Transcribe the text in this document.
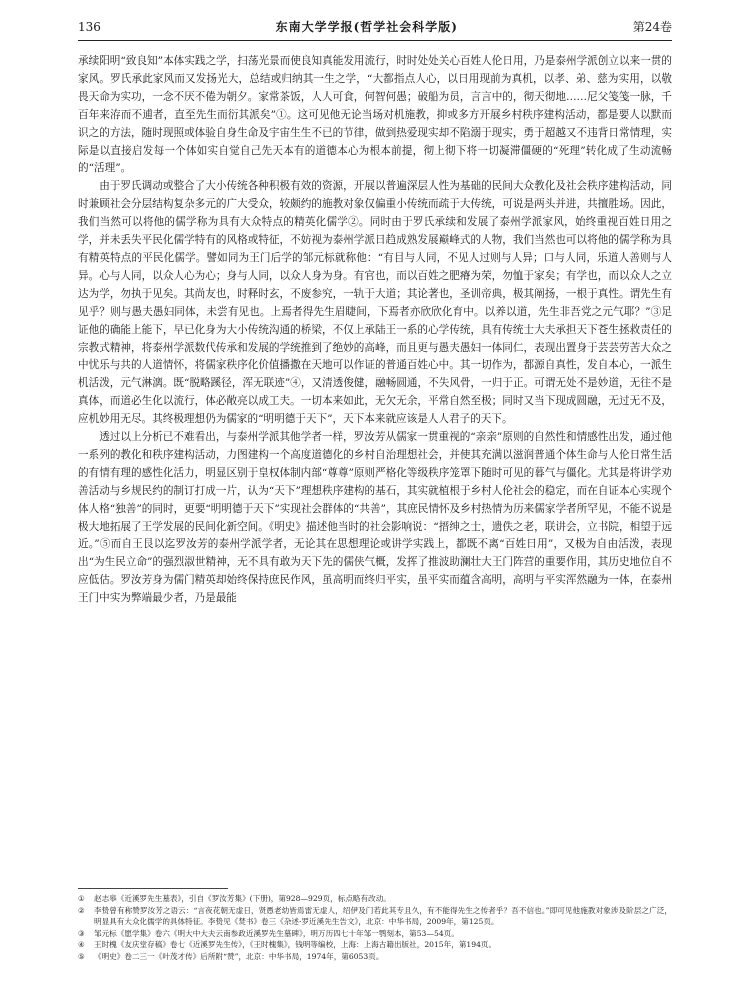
136	东南大学学报(哲学社会科学版)	第24卷

承续阳明“致良知”本体实践之学，扫荡光景而使良知真能发用流行，时时处处关心百姓人伦日用，乃是泰州学派创立以来一贯的家风。罗氏承此家风而又发扬光大，总结或归纳其一生之学，“大都指点人心，以日用现前为真机，以孝、弟、慈为实用，以敬畏天命为实功，一念不厌不倦为朝夕。家常茶饭，人人可食，何智何愚；破船为员，言言中的，彻天彻地……尼父笺笺一脉，千百年来洊而不逋者，直至先生而衍其派矣”①。这可见他无论当场对机施教，抑或多方开展乡村秩序建构活动，都是要人以默而识之的方法，随时现照或体验自身生命及宇宙生生不已的节律，做到热爱现实却不陷溺于现实，勇于超越又不违背日常情理，实际是以直接启发每一个体如实自觉自己先天本有的道德本心为根本前提，彻上彻下将一切凝滞僵硬的“死理”转化成了生动流畅的“活理”。

由于罗氏调动或整合了大小传统各种积极有效的资源，开展以普遍深层人性为基础的民间大众教化及社会秩序建构活动，同时兼顾社会分层结构复杂多元的广大受众，较颇约的施教对象仅偏重小传统而疏于大传统，可说是两头并进，共擅胜场。因此，我们当然可以将他的儒学称为具有大众特点的精英化儒学②。同时由于罗氏承续和发展了泰州学派家风，始终重视百姓日用之学，并未丢失平民化儒学特有的风格或特征，不妨视为泰州学派日趋成熟发展巅峰式的人物，我们当然也可以将他的儒学称为具有精英特点的平民化儒学。譬如同为王门后学的邹元标就称他：“有目与人同，不见人过则与人异；口与人同，乐道人善则与人异。心与人同，以众人心为心；身与人同，以众人身为身。有官也，而以百姓之肥瘠为荣，勿恤于家矣；有学也，而以众人之立达为学，勿执于见矣。其尚友也，时释时玄，不废参究，一轨于大道；其论著也，圣训帝典，极其阐扬，一根于真性。谓先生有见乎？则与愚夫愚妇同体，未尝有见也。上焉者得先生眉睫间，下焉者亦欣欣化育中。以养以道，先生非吾党之元气耶？”③足证他的确能上能下，早已化身为大小传统沟通的桥梁，不仅上承陆王一系的心学传统，具有传统士大夫承担天下苍生拯救责任的宗教式精神，将泰州学派数代传承和发展的学统推到了绝妙的高峰，而且更与愚夫愚妇一体同仁，表现出置身于芸芸劳苦大众之中忧乐与共的人道情怀，将儒家秩序化价值播撒在天地可以作证的普通百姓心中。其一切作为，都源自真性，发自本心，一派生机活泼，元气淋漓。既“脱略蹊径，浑无联迹”④，又清透俊健，融畅圆通，不失风骨，一归于正。可谓无处不是妙道，无往不是真体，而道必生化以流行，体必敞亮以成工夫。一切本来如此，无欠无余，平常自然至极；同时又当下现成圆融，无过无不及，应机妙用无尽。其终极理想仍为儒家的“明明德于天下”，天下本来就应该是人人君子的天下。

透过以上分析已不难看出，与泰州学派其他学者一样，罗汝芳从儒家一贯重视的“亲亲”原则的自然性和情感性出发，通过他一系列的教化和秩序建构活动，力图建构一个高度道德化的乡村自治理想社会，并使其充满以滋润普通个体生命与人伦日常生活的有情有理的感性化活力，明显区别于皇权体制内部“尊尊”原则严格化等级秩序笼罩下随时可见的暮气与僵化。尤其是将讲学劝善活动与乡规民约的制订打成一片，认为“天下”理想秩序建构的基石，其实就植根于乡村人伦社会的稳定，而在自证本心实现个体人格“独善”的同时，更要“明明德于天下”实现社会群体的“共善”，其庶民情怀及乡村热情为历来儒家学者所罕见，不能不说是极大地拓展了王学发展的民间化新空间。《明史》描述他当时的社会影响说：“搢绅之士，遗佚之老，联讲会，立书院，相望于远近。”⑤而自王艮以迄罗汝芳的泰州学派学者，无论其在思想理论或讲学实践上，都既不离“百姓日用”，又极为自由活泼，表现出“为生民立命”的强烈淑世精神，无不具有敢为天下先的儒侠气概，发挥了推波助澜壮大王门阵营的重要作用，其历史地位自不应低估。罗汝芳身为儒门精英却始终保持庶民作风，虽高明而终归平实，虽平实而蕴含高明，高明与平实浑然融为一体，在泰州王门中实为弊端最少者，乃是最能

①	赵志皋《近溪罗先生墓表》，引自《罗汝芳集》(下册)，第928—929页，标点略有改动。
②	李贽曾有称赞罗汝芳之语云：“言夜花朝无虚日，贤愚老幼皆焉雷无虚人，绍伊及门若此其专且久，有不能得先生之传者乎？吾不信也。”即可见他施教对象涉及阶层之广泛，明显具有大众化儒学的具体特征。李贽见《焚书》卷三《杂述·罗近溪先生告文》，北京：中华书局，2009年，第125页。
③	邹元标《愿学集》卷六《明大中大夫云南参政近溪罗先生墓碑》，明万历四七十年邹一鹗刻本，第53—54页。
④	王时槐《友庆堂存稿》卷七《近溪罗先生传》，《王时槐集》，钱明等编校，上海：上海古籍出版社，2015年，第194页。
⑤	《明史》卷二三一《叶茂才传》后所附“赞”，北京：中华书局，1974年，第6053页。
